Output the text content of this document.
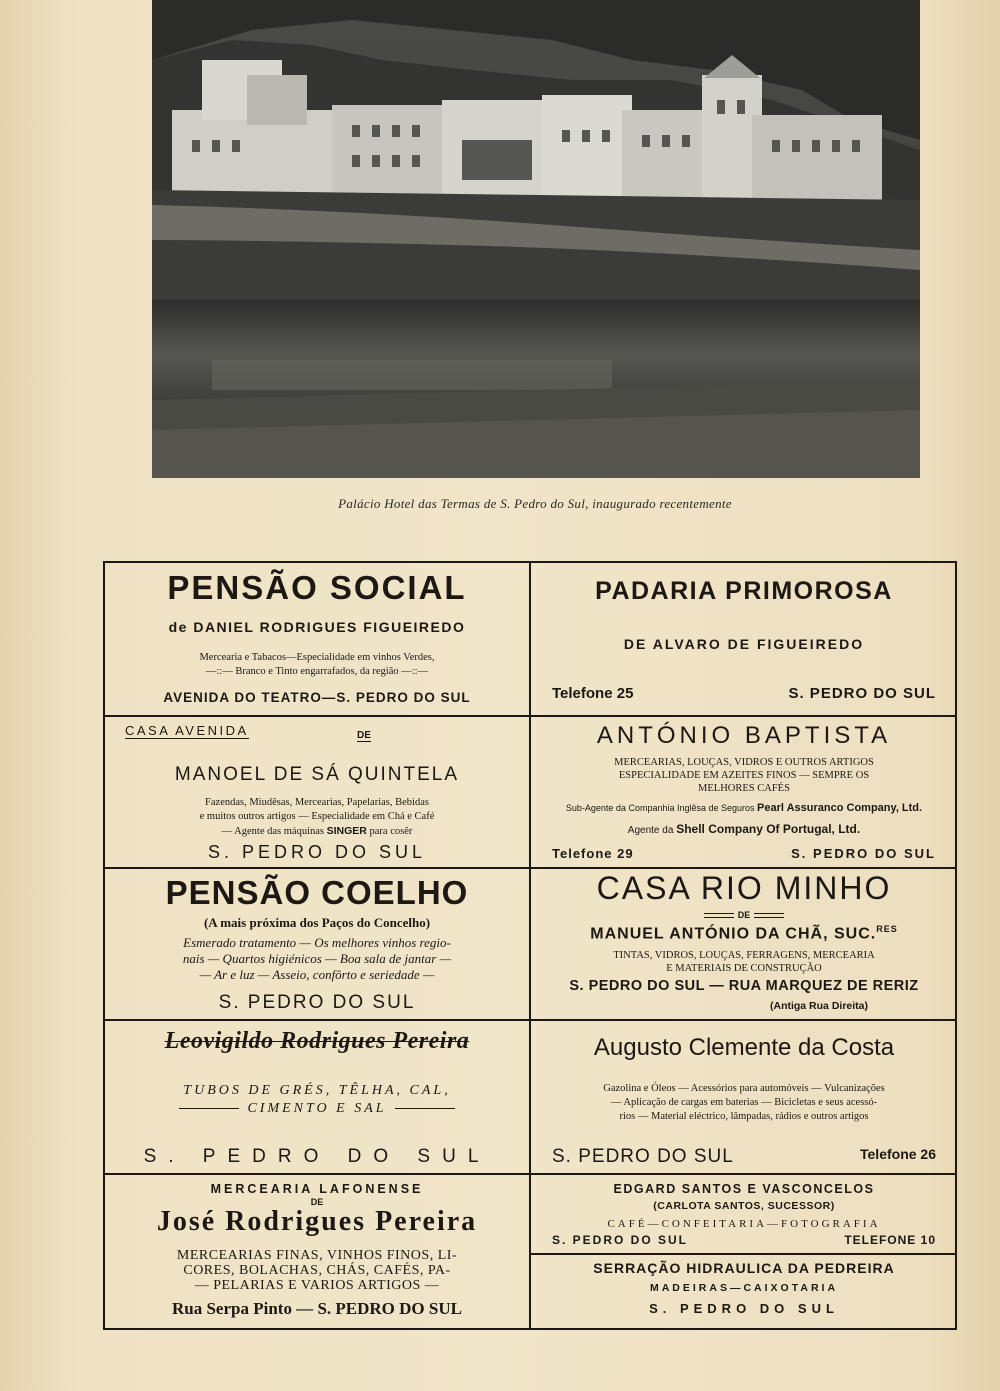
Palácio Hotel das Termas de S. Pedro do Sul, inaugurado recentemente
PENSÃO SOCIAL
de DANIEL RODRIGUES FIGUEIREDO
Mercearia e Tabacos—Especialidade em vinhos Verdes,
—::— Branco e Tinto engarrafados, da região —::—
AVENIDA DO TEATRO—S. PEDRO DO SUL
PADARIA PRIMOROSA
DE ALVARO DE FIGUEIREDO
Telefone 25	S. PEDRO DO SUL
CASA AVENIDA	DE
MANOEL DE SÁ QUINTELA
Fazendas, Miudêsas, Mercearias, Papelarias, Bebidas
e muitos outros artigos — Especialidade em Chá e Café
— Agente das máquinas SINGER para cosêr
S. PEDRO DO SUL
ANTÓNIO BAPTISTA
MERCEARIAS, LOUÇAS, VIDROS E OUTROS ARTIGOS
ESPECIALIDADE EM AZEITES FINOS — SEMPRE OS
MELHORES CAFÉS
Sub-Agente da Companhia Inglêsa de Seguros Pearl Assuranco Company, Ltd.
Agente da Shell Company Of Portugal, Ltd.
Telefone 29	S. PEDRO DO SUL
PENSÃO COELHO
(A mais próxima dos Paços do Concelho)
Esmerado tratamento — Os melhores vinhos regio-
nais — Quartos higiénicos — Boa sala de jantar —
— Ar e luz — Asseio, confôrto e seriedade —
S. PEDRO DO SUL
CASA RIO MINHO
DE
MANUEL ANTÓNIO DA CHÃ, SUC.$^{RES}$
TINTAS, VIDROS, LOUÇAS, FERRAGENS, MERCEARIA
E MATERIAIS DE CONSTRUÇÃO
S. PEDRO DO SUL — RUA MARQUEZ DE RERIZ
(Antiga Rua Direita)
Leovigildo Rodrigues Pereira
TUBOS DE GRÉS, TÊLHA, CAL,
CIMENTO E SAL
S. PEDRO DO SUL
Augusto Clemente da Costa
Gazolina e Óleos — Acessórios para automóveis — Vulcanizações
— Aplicação de cargas em baterias — Bicicletas e seus acessó-
rios — Material eléctrico, lâmpadas, rádios e outros artigos
S. PEDRO DO SUL	Telefone 26
MERCEARIA LAFONENSE
DE
José Rodrigues Pereira
MERCEARIAS FINAS, VINHOS FINOS, LI-
CORES, BOLACHAS, CHÁS, CAFÉS, PA-
— PELARIAS E VARIOS ARTIGOS —
Rua Serpa Pinto — S. PEDRO DO SUL
EDGARD SANTOS E VASCONCELOS
(CARLOTA SANTOS, SUCESSOR)
CAFÉ—CONFEITARIA—FOTOGRAFIA
S. PEDRO DO SUL	TELEFONE 10
SERRAÇÃO HIDRAULICA DA PEDREIRA
MADEIRAS—CAIXOTARIA
S. PEDRO DO SUL
